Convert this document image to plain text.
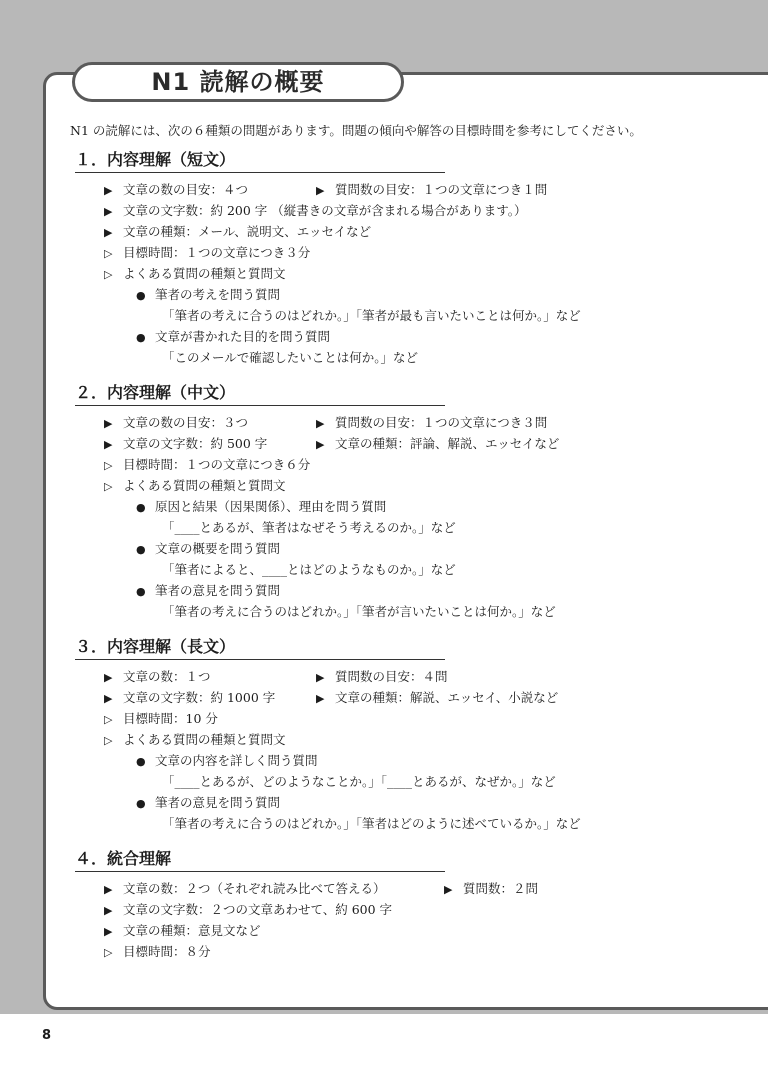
N1 読解の概要

N1 の読解には、次の６種類の問題があります。問題の傾向や解答の目標時間を参考にしてください。

１．内容理解（短文）
▶ 文章の数の目安：４つ	▶ 質問数の目安：１つの文章につき１問
▶ 文章の文字数：約 200 字 （縦書きの文章が含まれる場合があります。）
▶ 文章の種類：メール、説明文、エッセイなど
▷ 目標時間：１つの文章につき３分
▷ よくある質問の種類と質問文
● 筆者の考えを問う質問
「筆者の考えに合うのはどれか。」「筆者が最も言いたいことは何か。」など
● 文章が書かれた目的を問う質問
「このメールで確認したいことは何か。」など
２．内容理解（中文）
▶ 文章の数の目安：３つ	▶ 質問数の目安：１つの文章につき３問
▶ 文章の文字数：約 500 字	▶ 文章の種類：評論、解説、エッセイなど
▷ 目標時間：１つの文章につき６分
▷ よくある質問の種類と質問文
● 原因と結果（因果関係）、理由を問う質問
「____とあるが、筆者はなぜそう考えるのか。」など
● 文章の概要を問う質問
「筆者によると、____とはどのようなものか。」など
● 筆者の意見を問う質問
「筆者の考えに合うのはどれか。」「筆者が言いたいことは何か。」など
３．内容理解（長文）
▶ 文章の数：１つ	▶ 質問数の目安：４問
▶ 文章の文字数：約 1000 字	▶ 文章の種類：解説、エッセイ、小説など
▷ 目標時間：10 分
▷ よくある質問の種類と質問文
● 文章の内容を詳しく問う質問
「____とあるが、どのようなことか。」「____とあるが、なぜか。」など
● 筆者の意見を問う質問
「筆者の考えに合うのはどれか。」「筆者はどのように述べているか。」など
４．統合理解
▶ 文章の数：２つ（それぞれ読み比べて答える）	▶ 質問数：２問
▶ 文章の文字数：２つの文章あわせて、約 600 字
▶ 文章の種類：意見文など
▷ 目標時間：８分
8
